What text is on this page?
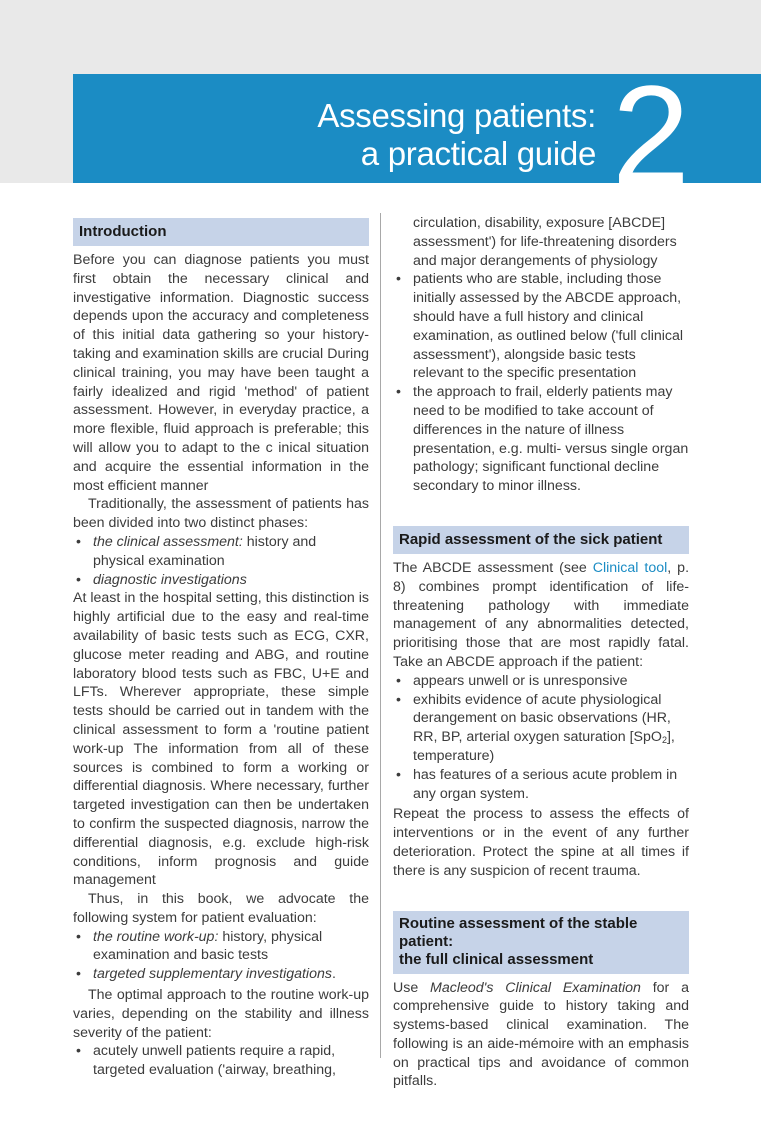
Assessing patients:
a practical guide 2
Introduction

Before you can diagnose patients you must first obtain the necessary clinical and investigative information. Diagnostic success depends upon the accuracy and completeness of this initial data gathering so your history-taking and examination skills are crucial During clinical training, you may have been taught a fairly idealized and rigid 'method' of patient assessment. However, in everyday practice, a more flexible, fluid approach is preferable; this will allow you to adapt to the c inical situation and acquire the essential information in the most efficient manner

Traditionally, the assessment of patients has been divided into two distinct phases:

• the clinical assessment: history and physical examination
• diagnostic investigations

At least in the hospital setting, this distinction is highly artificial due to the easy and real-time availability of basic tests such as ECG, CXR, glucose meter reading and ABG, and routine laboratory blood tests such as FBC, U+E and LFTs. Wherever appropriate, these simple tests should be carried out in tandem with the clinical assessment to form a 'routine patient work-up The information from all of these sources is combined to form a working or differential diagnosis. Where necessary, further targeted investigation can then be undertaken to confirm the suspected diagnosis, narrow the differential diagnosis, e.g. exclude high-risk conditions, inform prognosis and guide management

Thus, in this book, we advocate the following system for patient evaluation:

• the routine work-up: history, physical examination and basic tests
• targeted supplementary investigations.

The optimal approach to the routine work-up varies, depending on the stability and illness severity of the patient:

• acutely unwell patients require a rapid, targeted evaluation ('airway, breathing,
circulation, disability, exposure [ABCDE] assessment') for life-threatening disorders and major derangements of physiology
• patients who are stable, including those initially assessed by the ABCDE approach, should have a full history and clinical examination, as outlined below ('full clinical assessment'), alongside basic tests relevant to the specific presentation
• the approach to frail, elderly patients may need to be modified to take account of differences in the nature of illness presentation, e.g. multi- versus single organ pathology; significant functional decline secondary to minor illness.
Rapid assessment of the sick patient

The ABCDE assessment (see Clinical tool, p. 8) combines prompt identification of life-threatening pathology with immediate management of any abnormalities detected, prioritising those that are most rapidly fatal. Take an ABCDE approach if the patient:

• appears unwell or is unresponsive
• exhibits evidence of acute physiological derangement on basic observations (HR, RR, BP, arterial oxygen saturation [SpO$_2$], temperature)
• has features of a serious acute problem in any organ system.

Repeat the process to assess the effects of interventions or in the event of any further deterioration. Protect the spine at all times if there is any suspicion of recent trauma.

Routine assessment of the stable patient:
the full clinical assessment

Use Macleod's Clinical Examination for a comprehensive guide to history taking and systems-based clinical examination. The following is an aide-mémoire with an emphasis on practical tips and avoidance of common pitfalls.
